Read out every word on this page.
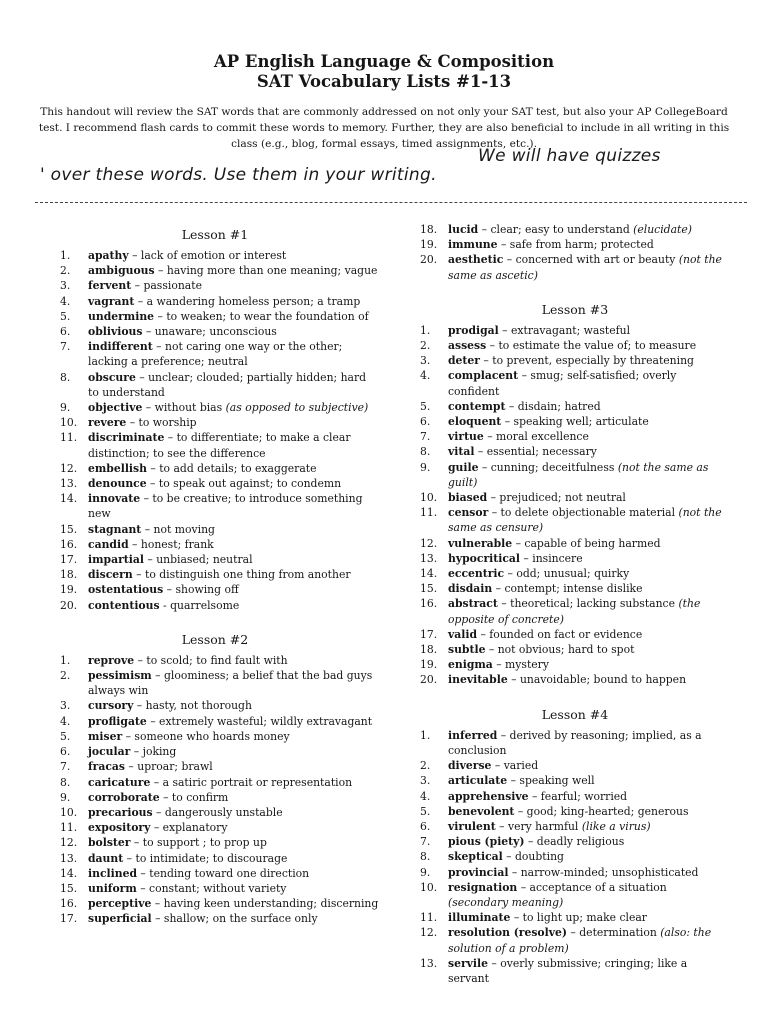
AP English Language & Composition
SAT Vocabulary Lists #1-13
This handout will review the SAT words that are commonly addressed on not only your SAT test, but also your AP CollegeBoard test. I recommend flash cards to commit these words to memory. Further, they are also beneficial to include in all writing in this class (e.g., blog, formal essays, timed assignments, etc.).
We will have quizzes
' over these words. Use them in your writing.
Lesson #1
1.	apathy – lack of emotion or interest
2.	ambiguous – having more than one meaning; vague
3.	fervent – passionate
4.	vagrant – a wandering homeless person; a tramp
5.	undermine – to weaken; to wear the foundation of
6.	oblivious – unaware; unconscious
7.	indifferent – not caring one way or the other; lacking a preference; neutral
8.	obscure – unclear; clouded; partially hidden; hard to understand
9.	objective – without bias (as opposed to subjective)
10.	revere – to worship
11.	discriminate – to differentiate; to make a clear distinction; to see the difference
12.	embellish – to add details; to exaggerate
13.	denounce – to speak out against; to condemn
14.	innovate – to be creative; to introduce something new
15.	stagnant – not moving
16.	candid – honest; frank
17.	impartial – unbiased; neutral
18.	discern – to distinguish one thing from another
19.	ostentatious – showing off
20.	contentious - quarrelsome
Lesson #2
1.	reprove – to scold; to find fault with
2.	pessimism – gloominess; a belief that the bad guys always win
3.	cursory – hasty, not thorough
4.	profligate – extremely wasteful; wildly extravagant
5.	miser – someone who hoards money
6.	jocular – joking
7.	fracas – uproar; brawl
8.	caricature – a satiric portrait or representation
9.	corroborate – to confirm
10.	precarious – dangerously unstable
11.	expository – explanatory
12.	bolster – to support ; to prop up
13.	daunt – to intimidate; to discourage
14.	inclined – tending toward one direction
15.	uniform – constant; without variety
16.	perceptive – having keen understanding; discerning
17.	superficial – shallow; on the surface only
18.	lucid – clear; easy to understand (elucidate)
19.	immune – safe from harm; protected
20.	aesthetic – concerned with art or beauty (not the same as ascetic)
Lesson #3
1.	prodigal – extravagant; wasteful
2.	assess – to estimate the value of; to measure
3.	deter – to prevent, especially by threatening
4.	complacent – smug; self-satisfied; overly confident
5.	contempt – disdain; hatred
6.	eloquent – speaking well; articulate
7.	virtue – moral excellence
8.	vital – essential; necessary
9.	guile – cunning; deceitfulness (not the same as guilt)
10.	biased – prejudiced; not neutral
11.	censor – to delete objectionable material (not the same as censure)
12.	vulnerable – capable of being harmed
13.	hypocritical – insincere
14.	eccentric – odd; unusual; quirky
15.	disdain – contempt; intense dislike
16.	abstract – theoretical; lacking substance (the opposite of concrete)
17.	valid – founded on fact or evidence
18.	subtle – not obvious; hard to spot
19.	enigma – mystery
20.	inevitable – unavoidable; bound to happen
Lesson #4
1.	inferred – derived by reasoning; implied, as a conclusion
2.	diverse – varied
3.	articulate – speaking well
4.	apprehensive – fearful; worried
5.	benevolent – good; king-hearted; generous
6.	virulent – very harmful (like a virus)
7.	pious (piety) – deadly religious
8.	skeptical – doubting
9.	provincial – narrow-minded; unsophisticated
10.	resignation – acceptance of a situation (secondary meaning)
11.	illuminate – to light up; make clear
12.	resolution (resolve) – determination (also: the solution of a problem)
13.	servile – overly submissive; cringing; like a servant
